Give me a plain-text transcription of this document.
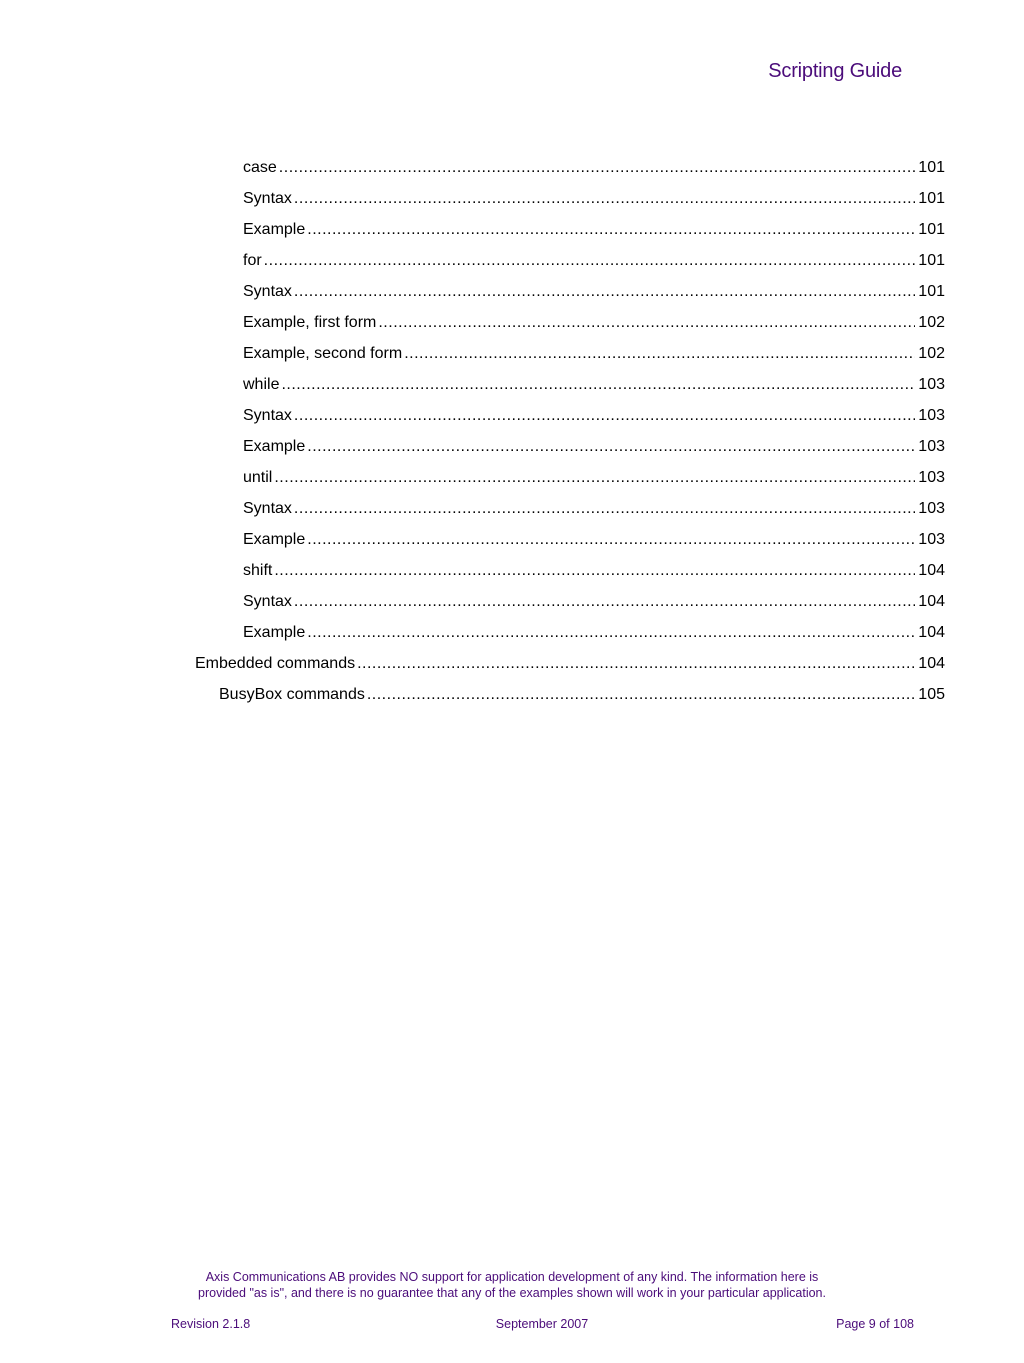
Scripting Guide
case .....	101
Syntax .....	101
Example .....	101
for .....	101
Syntax .....	101
Example, first form .....	102
Example, second form .....	102
while .....	103
Syntax .....	103
Example .....	103
until .....	103
Syntax .....	103
Example .....	103
shift .....	104
Syntax .....	104
Example .....	104
Embedded commands .....	104
BusyBox commands .....	105
Axis Communications AB provides NO support for application development of any kind. The information here is
provided "as is", and there is no guarantee that any of the examples shown will work in your particular application.
Revision 2.1.8	September 2007	Page 9 of 108
